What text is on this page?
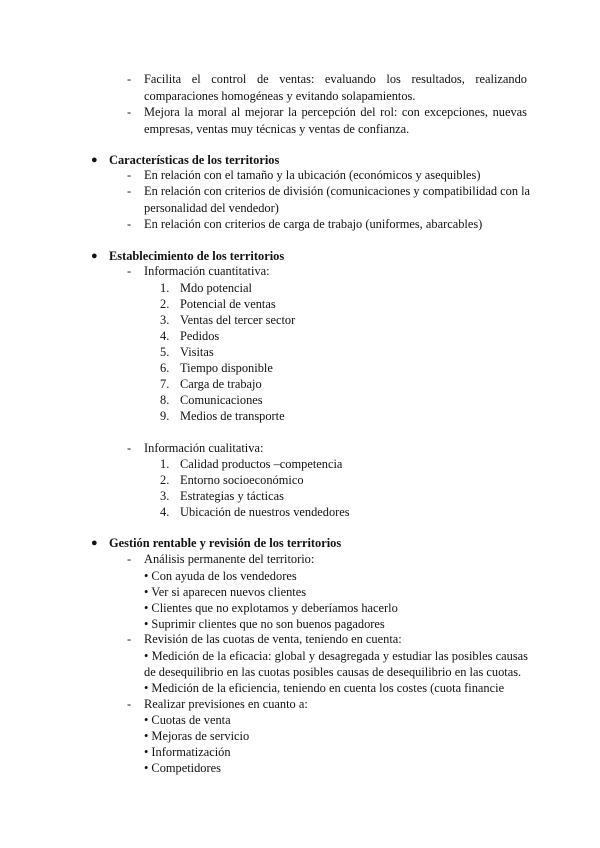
- Facilita el control de ventas: evaluando los resultados, realizando
comparaciones homogéneas y evitando solapamientos.
- Mejora la moral al mejorar la percepción del rol: con excepciones, nuevas
empresas, ventas muy técnicas y ventas de confianza.
● Características de los territorios
- En relación con el tamaño y la ubicación (económicos y asequibles)
- En relación con criterios de división (comunicaciones y compatibilidad con la
personalidad del vendedor)
- En relación con criterios de carga de trabajo (uniformes, abarcables)
● Establecimiento de los territorios
- Información cuantitativa:
1. Mdo potencial
2. Potencial de ventas
3. Ventas del tercer sector
4. Pedidos
5. Visitas
6. Tiempo disponible
7. Carga de trabajo
8. Comunicaciones
9. Medios de transporte
- Información cualitativa:
1. Calidad productos –competencia
2. Entorno socioeconómico
3. Estrategias y tácticas
4. Ubicación de nuestros vendedores
● Gestión rentable y revisión de los territorios
- Análisis permanente del territorio:
• Con ayuda de los vendedores
• Ver si aparecen nuevos clientes
• Clientes que no explotamos y deberíamos hacerlo
• Suprimir clientes que no son buenos pagadores
- Revisión de las cuotas de venta, teniendo en cuenta:
• Medición de la eficacia: global y desagregada y estudiar las posibles causas
de desequilibrio en las cuotas posibles causas de desequilibrio en las cuotas.
• Medición de la eficiencia, teniendo en cuenta los costes (cuota financie
- Realizar previsiones en cuanto a:
• Cuotas de venta
• Mejoras de servicio
• Informatización
• Competidores
